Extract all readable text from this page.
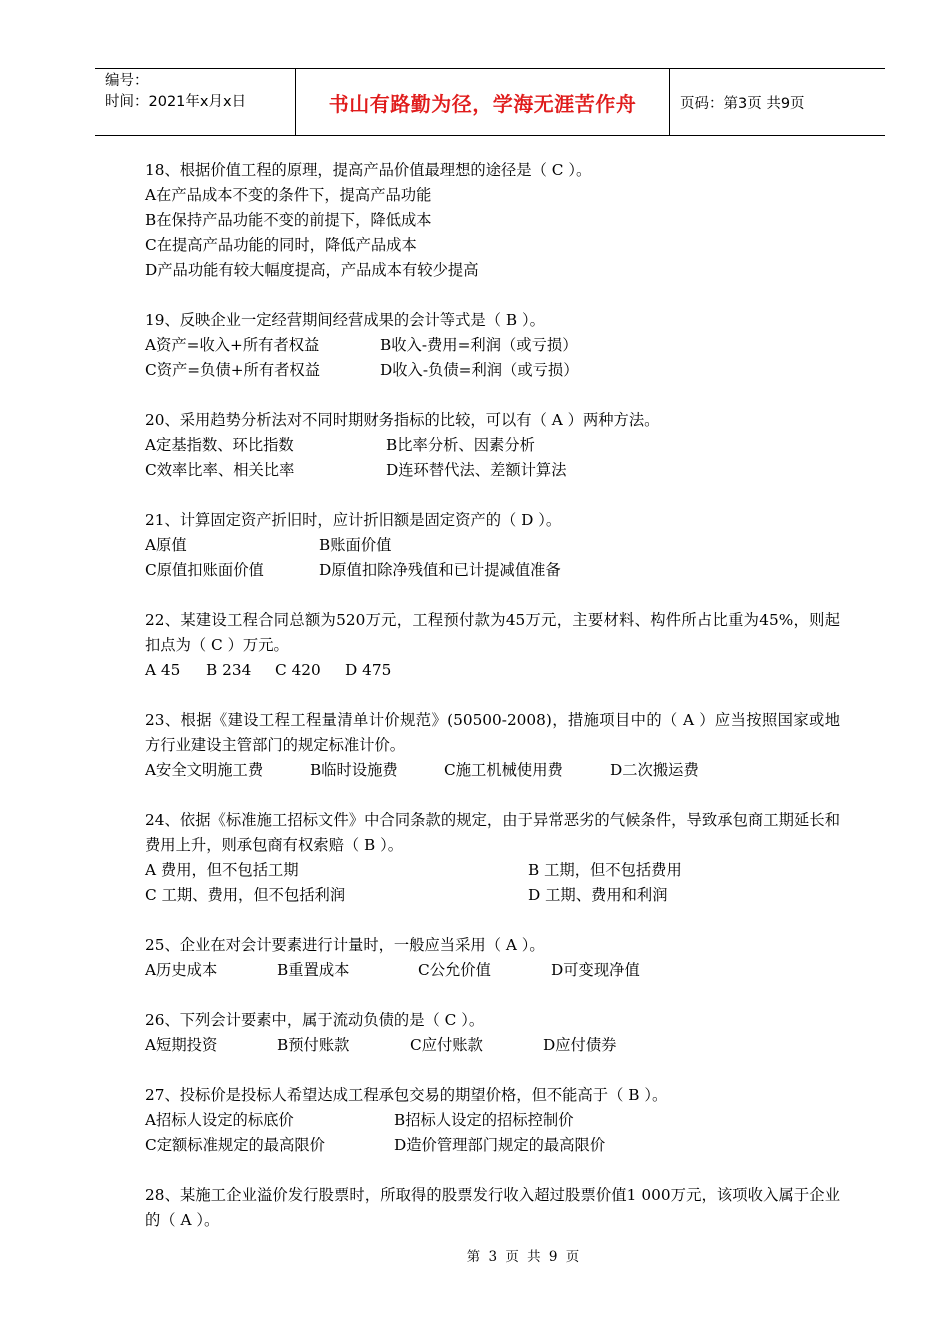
编号：
时间：2021年x月x日	书山有路勤为径，学海无涯苦作舟	页码：第3页 共9页
18、根据价值工程的原理，提高产品价值最理想的途径是（ C ）。
A在产品成本不变的条件下，提高产品功能
B在保持产品功能不变的前提下，降低成本
C在提高产品功能的同时，降低产品成本
D产品功能有较大幅度提高，产品成本有较少提高
19、反映企业一定经营期间经营成果的会计等式是（ B ）。
A资产=收入+所有者权益	B收入-费用=利润（或亏损）
C资产=负债+所有者权益	D收入-负债=利润（或亏损）
20、采用趋势分析法对不同时期财务指标的比较，可以有（ A ）两种方法。
A定基指数、环比指数	B比率分析、因素分析
C效率比率、相关比率	D连环替代法、差额计算法
21、计算固定资产折旧时，应计折旧额是固定资产的（ D ）。
A原值	B账面价值
C原值扣账面价值	D原值扣除净残值和已计提减值准备
22、某建设工程合同总额为520万元，工程预付款为45万元，主要材料、构件所占比重为45%，则起扣点为（ C ）万元。
A 45	B 234	C 420	D 475
23、根据《建设工程工程量清单计价规范》(50500-2008)，措施项目中的（ A ）应当按照国家或地方行业建设主管部门的规定标准计价。
A安全文明施工费	B临时设施费	C施工机械使用费	D二次搬运费
24、依据《标准施工招标文件》中合同条款的规定，由于异常恶劣的气候条件，导致承包商工期延长和费用上升，则承包商有权索赔（ B ）。
A 费用，但不包括工期	B 工期，但不包括费用
C 工期、费用，但不包括利润	D 工期、费用和利润
25、企业在对会计要素进行计量时，一般应当采用（ A ）。
A历史成本	B重置成本	C公允价值	D可变现净值
26、下列会计要素中，属于流动负债的是（ C ）。
A短期投资	B预付账款	C应付账款	D应付债券
27、投标价是投标人希望达成工程承包交易的期望价格，但不能高于（ B ）。
A招标人设定的标底价	B招标人设定的招标控制价
C定额标准规定的最高限价	D造价管理部门规定的最高限价
28、某施工企业溢价发行股票时，所取得的股票发行收入超过股票价值1 000万元，该项收入属于企业的（ A ）。
第 3 页 共 9 页
